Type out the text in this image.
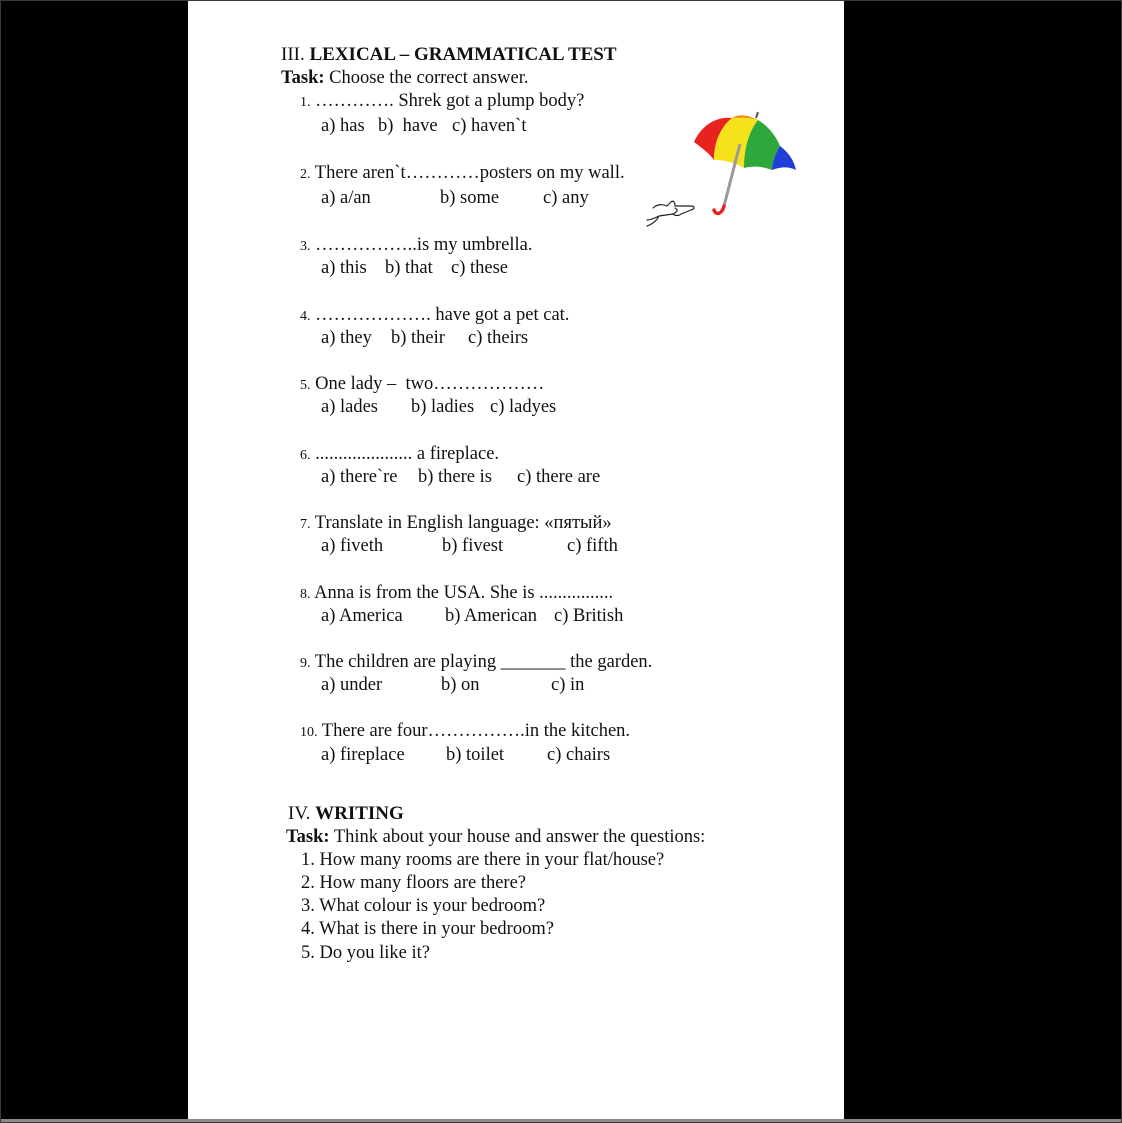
III. LEXICAL – GRAMMATICAL TEST
Task: Choose the correct answer.
1. …………. Shrek got a plump body?
a) has b)  have c) haven`t
2. There aren`t…………posters on my wall.
a) a/an	b) some c) any
3. ……………..is my umbrella.
a) this b) that c) these
4. ………………. have got a pet cat.
a) they b) their c) theirs
5. One lady –  two………………
a) lades b) ladies c) ladyes
6. ..................... a fireplace.
a) there`re b) there is c) there are
7. Translate in English language: «пятый»
a) fiveth	b) fivest	c) fifth
8. Anna is from the USA. She is ................
a) America b) American c) British
9. The children are playing _______ the garden.
a) under	b) on	c) in
10. There are four…………….in the kitchen.
a) fireplace b) toilet c) chairs
IV. WRITING
Task: Think about your house and answer the questions:
1. How many rooms are there in your flat/house?
2. How many floors are there?
3. What colour is your bedroom?
4. What is there in your bedroom?
5. Do you like it?
